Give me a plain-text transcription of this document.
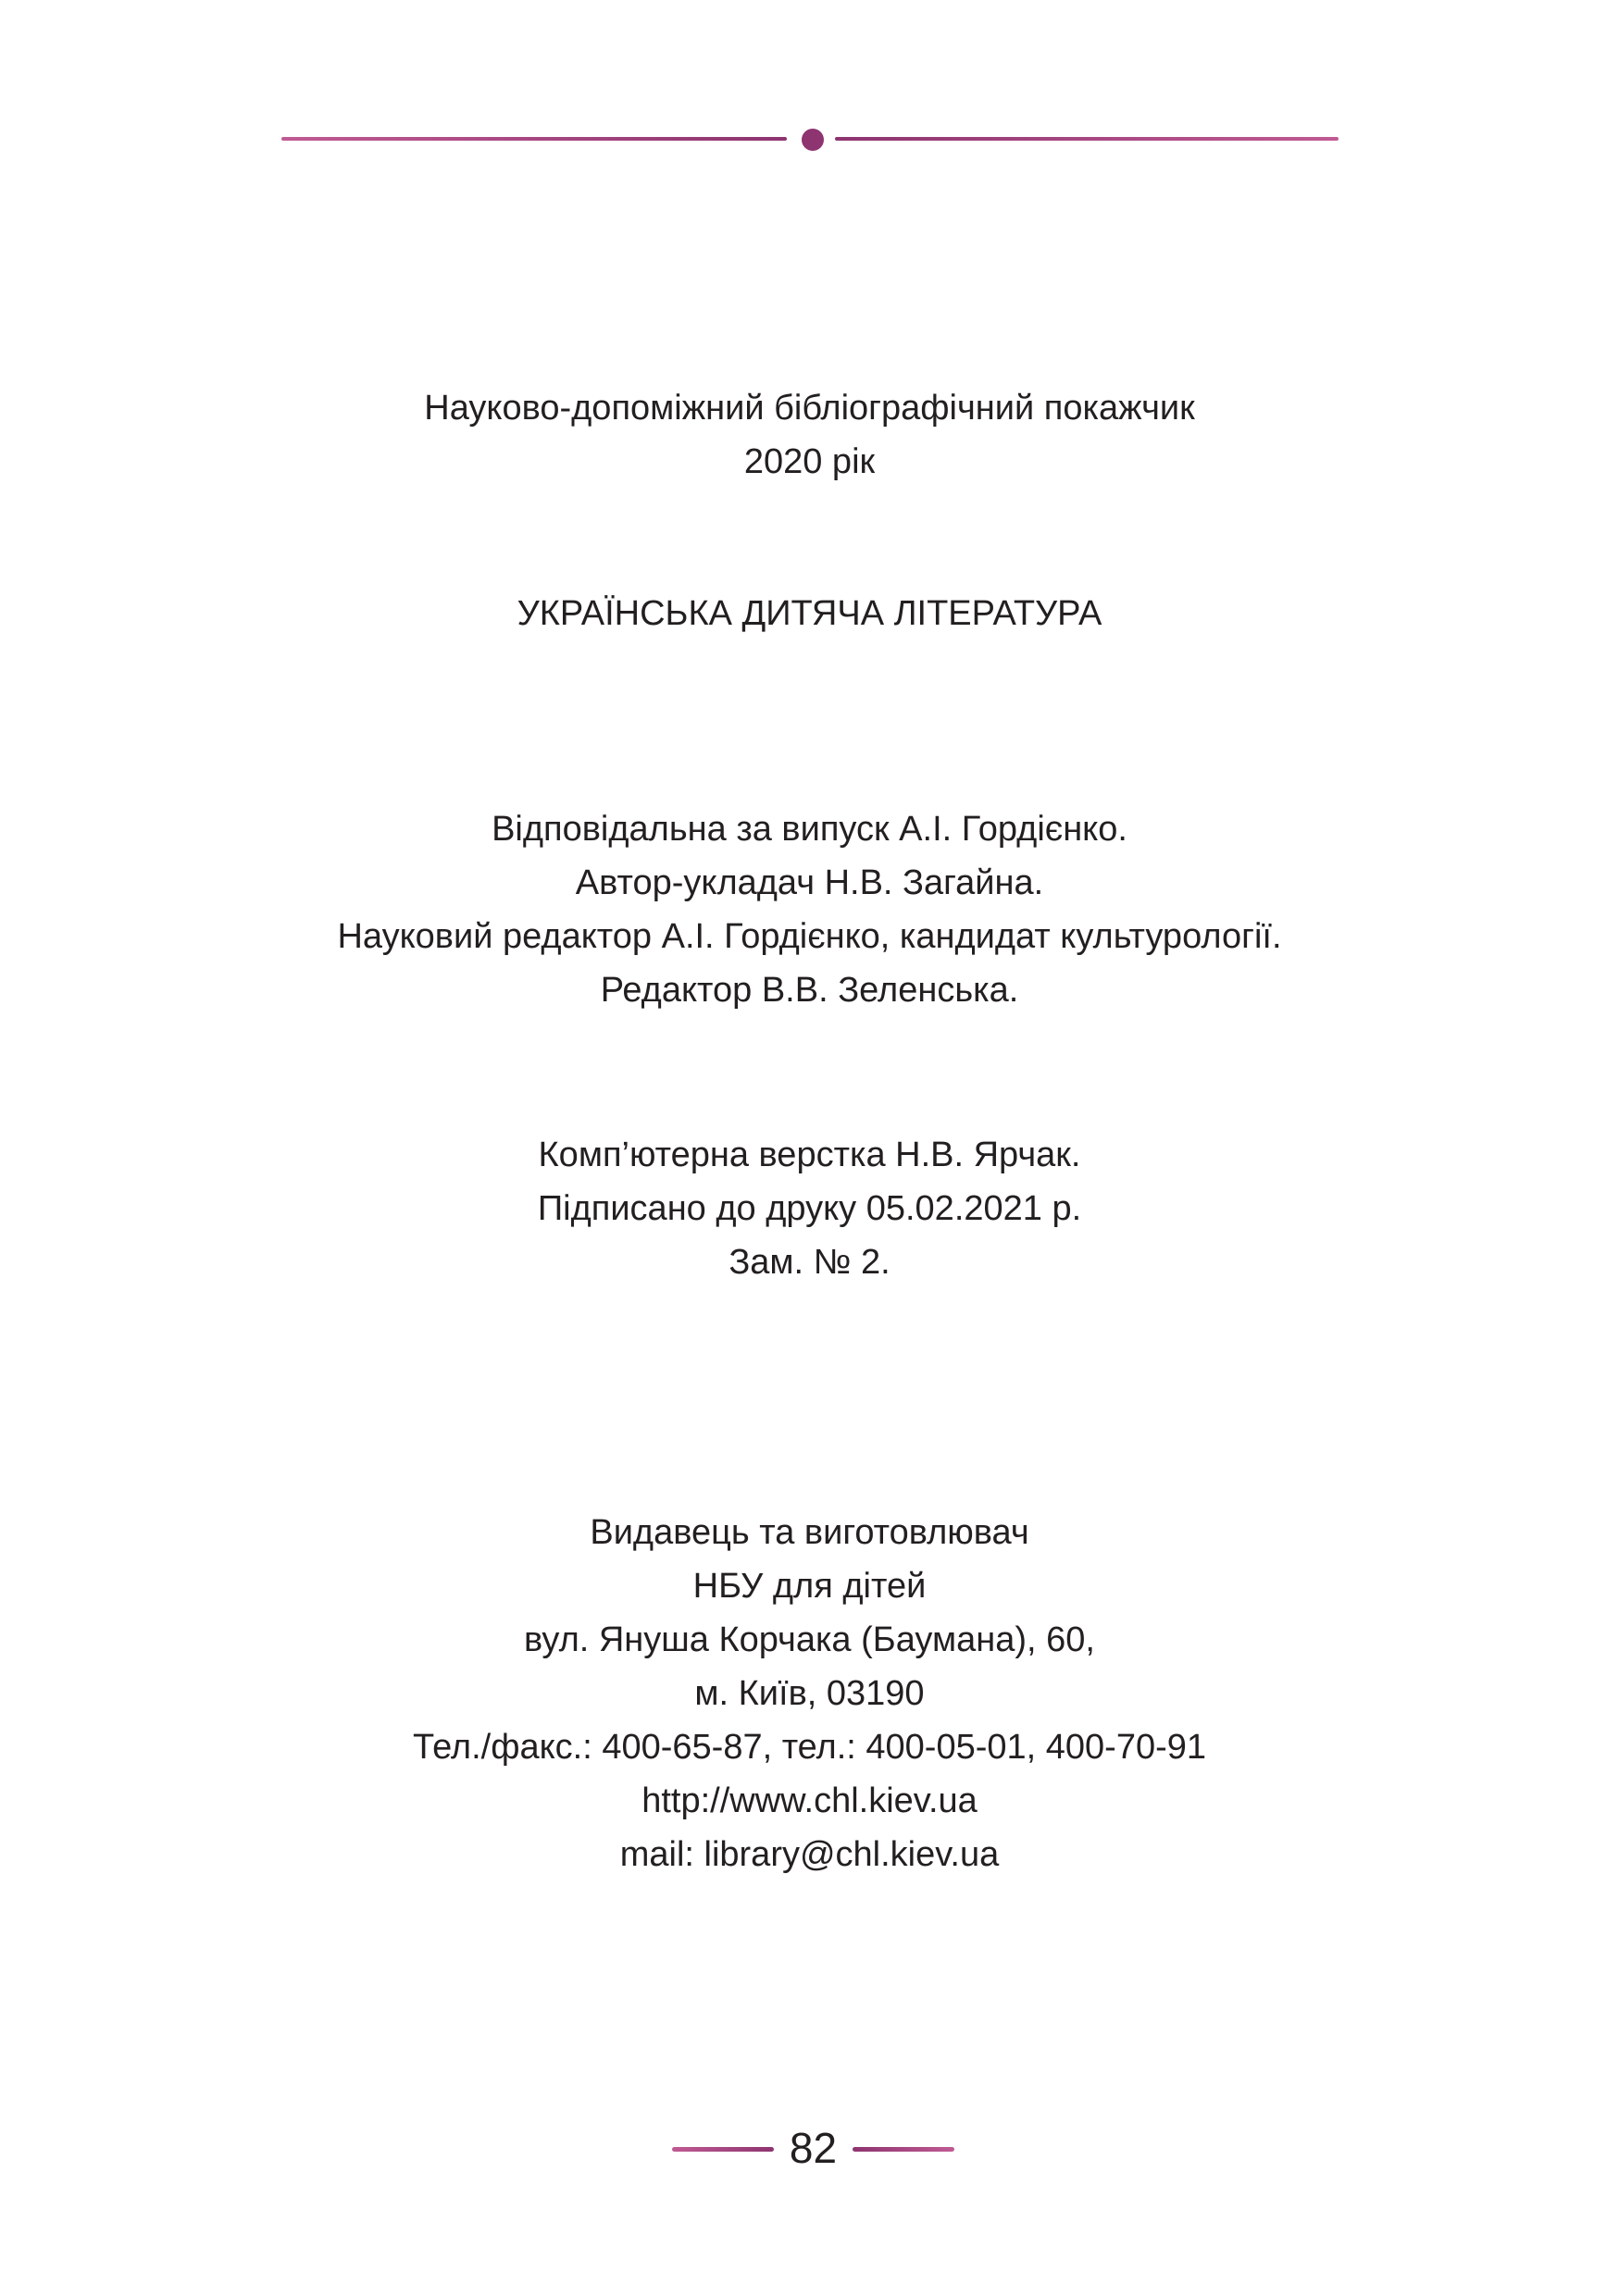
Науково-допоміжний бібліографічний покажчик
2020 рік
УКРАЇНСЬКА ДИТЯЧА ЛІТЕРАТУРА
Відповідальна за випуск А.І. Гордієнко.
Автор-укладач Н.В. Загайна.
Науковий редактор А.І. Гордієнко, кандидат культурології.
Редактор В.В. Зеленська.
Комп’ютерна верстка Н.В. Ярчак.
Підписано до друку 05.02.2021 р.
Зам. № 2.
Видавець та виготовлювач
НБУ для дітей
вул. Януша Корчака (Баумана), 60,
м. Київ, 03190
Тел./факс.: 400-65-87, тел.: 400-05-01, 400-70-91
http://www.chl.kiev.ua
mail: library@chl.kiev.ua
82
